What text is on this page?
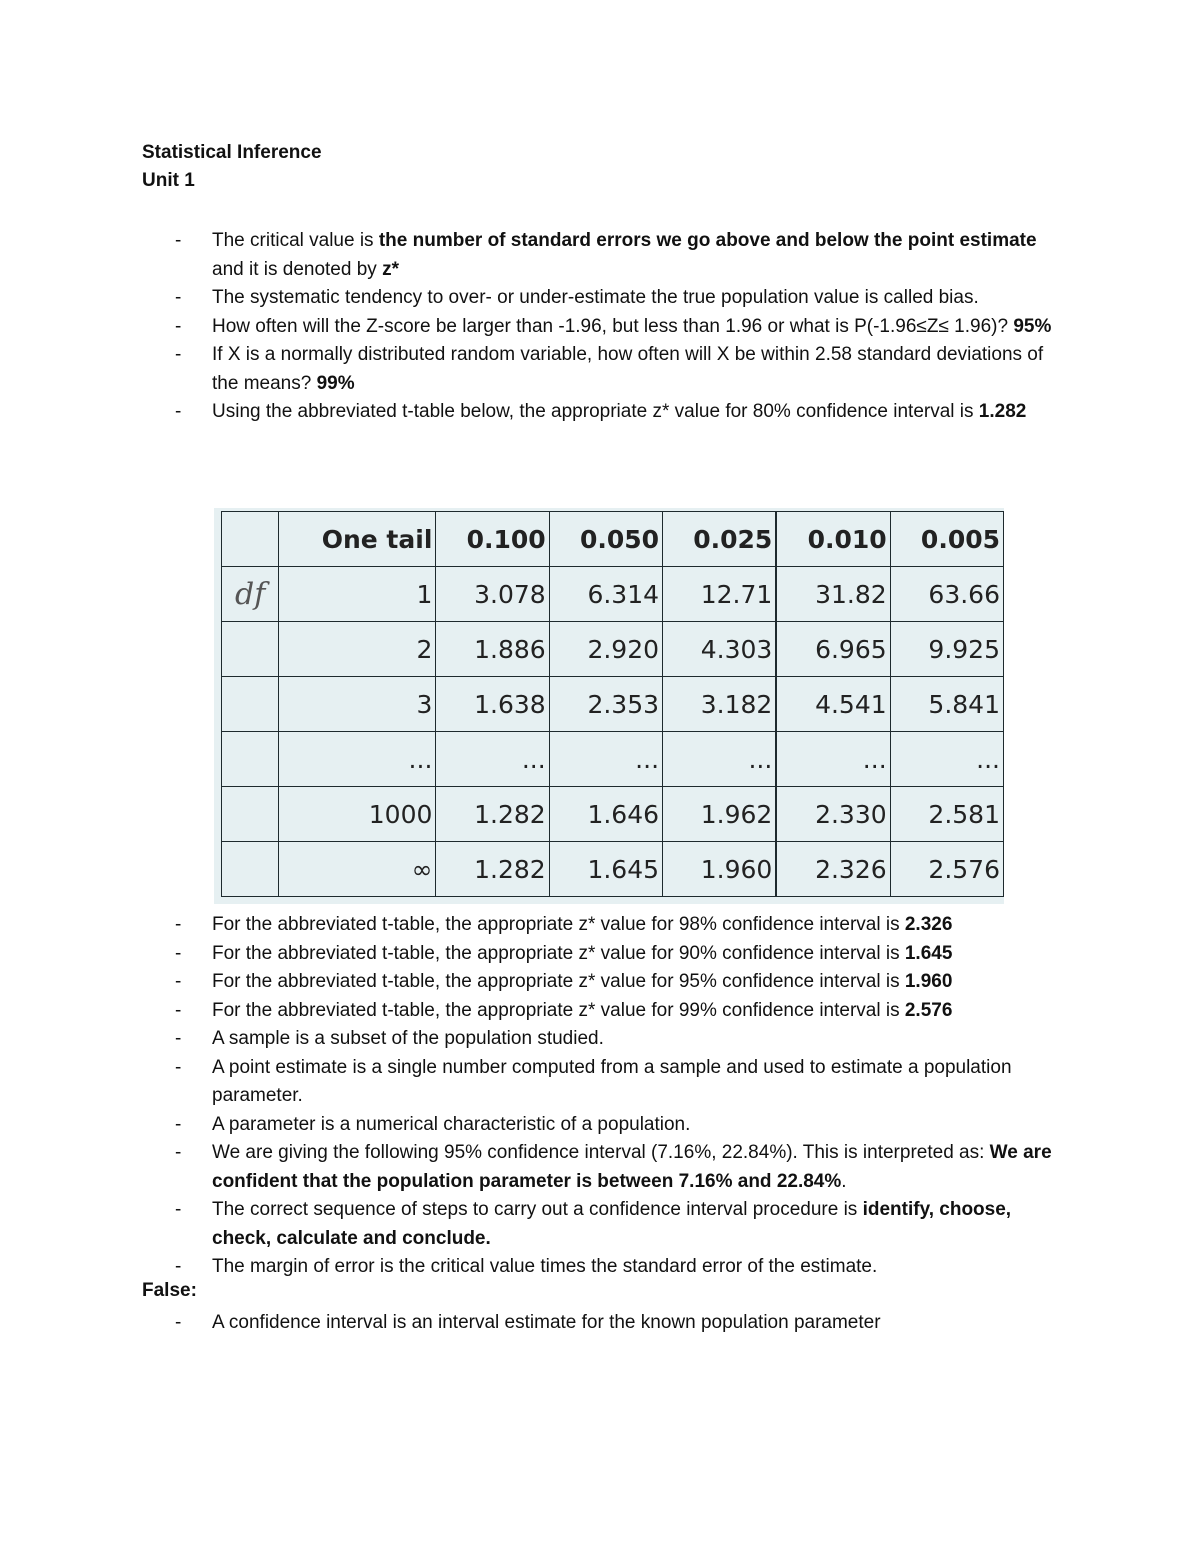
Statistical Inference

Unit 1

- The critical value is the number of standard errors we go above and below the point estimate and it is denoted by z*
- The systematic tendency to over- or under-estimate the true population value is called bias.
- How often will the Z-score be larger than -1.96, but less than 1.96 or what is P(-1.96≤Z≤ 1.96)? 95%
- If X is a normally distributed random variable, how often will X be within 2.58 standard deviations of the means? 99%
- Using the abbreviated t-table below, the appropriate z* value for 80% confidence interval is 1.282
	One tail	0.100	0.050	0.025	0.010	0.005
df	1	3.078	6.314	12.71	31.82	63.66
	2	1.886	2.920	4.303	6.965	9.925
	3	1.638	2.353	3.182	4.541	5.841
	...	...	...	...	...	...
	1000	1.282	1.646	1.962	2.330	2.581
	∞	1.282	1.645	1.960	2.326	2.576
- For the abbreviated t-table, the appropriate z* value for 98% confidence interval is 2.326
- For the abbreviated t-table, the appropriate z* value for 90% confidence interval is 1.645
- For the abbreviated t-table, the appropriate z* value for 95% confidence interval is 1.960
- For the abbreviated t-table, the appropriate z* value for 99% confidence interval is 2.576
- A sample is a subset of the population studied.
- A point estimate is a single number computed from a sample and used to estimate a population parameter.
- A parameter is a numerical characteristic of a population.
- We are giving the following 95% confidence interval (7.16%, 22.84%). This is interpreted as: We are confident that the population parameter is between 7.16% and 22.84%.
- The correct sequence of steps to carry out a confidence interval procedure is identify, choose, check, calculate and conclude.
- The margin of error is the critical value times the standard error of the estimate.
False:
- A confidence interval is an interval estimate for the known population parameter
